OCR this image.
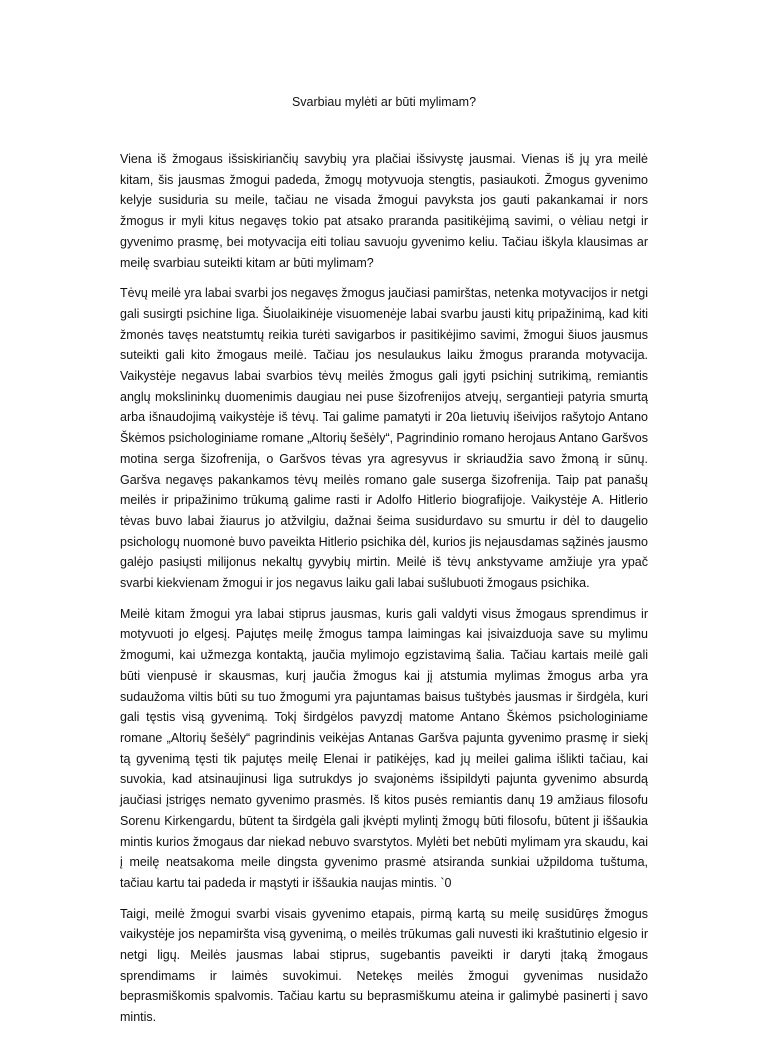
Svarbiau mylėti ar būti mylimam?

Viena iš žmogaus išsiskiriančių savybių yra plačiai išsivystę jausmai. Vienas iš jų yra meilė kitam, šis jausmas žmogui padeda, žmogų motyvuoja stengtis, pasiaukoti. Žmogus gyvenimo kelyje susiduria su meile, tačiau ne visada žmogui pavyksta jos gauti pakankamai ir nors žmogus ir myli kitus negavęs tokio pat atsako praranda pasitikėjimą savimi, o vėliau netgi ir gyvenimo prasmę, bei motyvacija eiti toliau savuoju gyvenimo keliu. Tačiau iškyla klausimas ar meilę svarbiau suteikti kitam ar būti mylimam?

Tėvų meilė yra labai svarbi jos negavęs žmogus jaučiasi pamirštas, netenka motyvacijos ir netgi gali susirgti psichine liga. Šiuolaikinėje visuomenėje labai svarbu jausti kitų pripažinimą, kad kiti žmonės tavęs neatstumtų reikia turėti savigarbos ir pasitikėjimo savimi, žmogui šiuos jausmus suteikti gali kito žmogaus meilė. Tačiau jos nesulaukus laiku žmogus praranda motyvacija. Vaikystėje negavus labai svarbios tėvų meilės žmogus gali įgyti psichinį sutrikimą, remiantis anglų mokslininkų duomenimis daugiau nei puse šizofrenijos atvejų, sergantieji patyria smurtą arba išnaudojimą vaikystėje iš tėvų. Tai galime pamatyti ir 20a lietuvių išeivijos rašytojo Antano Škėmos psichologiniame romane „Altorių šešėly“, Pagrindinio romano herojaus Antano Garšvos motina serga šizofrenija, o Garšvos tėvas yra agresyvus ir skriaudžia savo žmoną ir sūnų. Garšva negavęs pakankamos tėvų meilės romano gale suserga šizofrenija. Taip pat panašų meilės ir pripažinimo trūkumą galime rasti ir Adolfo Hitlerio biografijoje. Vaikystėje A. Hitlerio tėvas buvo labai žiaurus jo atžvilgiu, dažnai šeima susidurdavo su smurtu ir dėl to daugelio psichologų nuomonė buvo paveikta Hitlerio psichika dėl, kurios jis nejausdamas sąžinės jausmo galėjo pasiųsti milijonus nekaltų gyvybių mirtin. Meilė iš tėvų ankstyvame amžiuje yra ypač svarbi kiekvienam žmogui ir jos negavus laiku gali labai sušlubuoti žmogaus psichika.

Meilė kitam žmogui yra labai stiprus jausmas, kuris gali valdyti visus žmogaus sprendimus ir motyvuoti jo elgesį. Pajutęs meilę žmogus tampa laimingas kai įsivaizduoja save su mylimu žmogumi, kai užmezga kontaktą, jaučia mylimojo egzistavimą šalia. Tačiau kartais meilė gali būti vienpusė ir skausmas, kurį jaučia žmogus kai jį atstumia mylimas žmogus arba yra sudaužoma viltis būti su tuo žmogumi yra pajuntamas baisus tuštybės jausmas ir širdgėla, kuri gali tęstis visą gyvenimą. Tokį širdgėlos pavyzdį matome Antano Škėmos psichologiniame romane „Altorių šešėly“ pagrindinis veikėjas Antanas Garšva pajunta gyvenimo prasmę ir siekį tą gyvenimą tęsti tik pajutęs meilę Elenai ir patikėjęs, kad jų meilei galima išlikti tačiau, kai suvokia, kad atsinaujinusi liga sutrukdys jo svajonėms išsipildyti pajunta gyvenimo absurdą jaučiasi įstrigęs nemato gyvenimo prasmės. Iš kitos pusės remiantis danų 19 amžiaus filosofu Sorenu Kirkengardu, būtent ta širdgėla gali įkvėpti mylintį žmogų būti filosofu, būtent ji iššaukia mintis kurios žmogaus dar niekad nebuvo svarstytos. Mylėti bet nebūti mylimam yra skaudu, kai į meilę neatsakoma meile dingsta gyvenimo prasmė atsiranda sunkiai užpildoma tuštuma, tačiau kartu tai padeda ir mąstyti ir iššaukia naujas mintis. `0

Taigi, meilė žmogui svarbi visais gyvenimo etapais, pirmą kartą su meilę susidūręs žmogus vaikystėje jos nepamiršta visą gyvenimą, o meilės trūkumas gali nuvesti iki kraštutinio elgesio ir netgi ligų. Meilės jausmas labai stiprus, sugebantis paveikti ir daryti įtaką žmogaus sprendimams ir laimės suvokimui. Netekęs meilės žmogui gyvenimas nusidažo beprasmiškomis spalvomis. Tačiau kartu su beprasmiškumu ateina ir galimybė pasinerti į savo mintis.
